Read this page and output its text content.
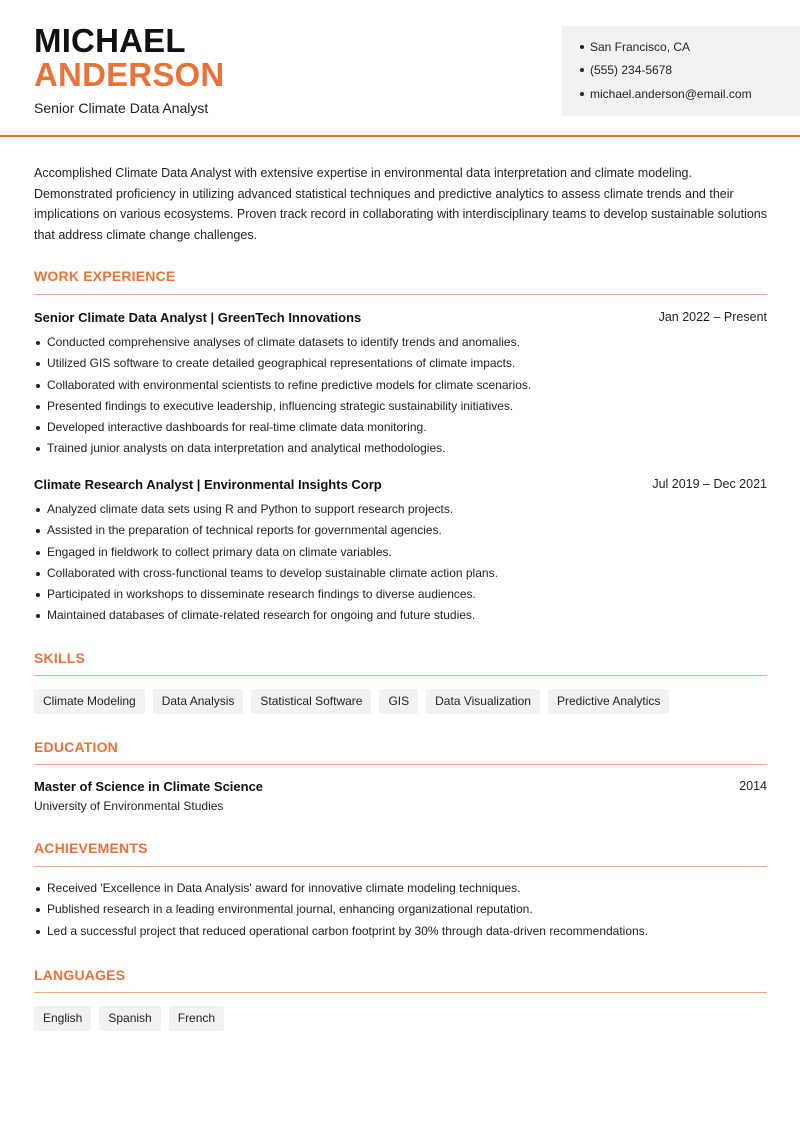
MICHAEL
ANDERSON
Senior Climate Data Analyst
San Francisco, CA
(555) 234-5678
michael.anderson@email.com
Accomplished Climate Data Analyst with extensive expertise in environmental data interpretation and climate modeling. Demonstrated proficiency in utilizing advanced statistical techniques and predictive analytics to assess climate trends and their implications on various ecosystems. Proven track record in collaborating with interdisciplinary teams to develop sustainable solutions that address climate change challenges.
WORK EXPERIENCE
Senior Climate Data Analyst | GreenTech Innovations	Jan 2022 – Present
Conducted comprehensive analyses of climate datasets to identify trends and anomalies.
Utilized GIS software to create detailed geographical representations of climate impacts.
Collaborated with environmental scientists to refine predictive models for climate scenarios.
Presented findings to executive leadership, influencing strategic sustainability initiatives.
Developed interactive dashboards for real-time climate data monitoring.
Trained junior analysts on data interpretation and analytical methodologies.
Climate Research Analyst | Environmental Insights Corp	Jul 2019 – Dec 2021
Analyzed climate data sets using R and Python to support research projects.
Assisted in the preparation of technical reports for governmental agencies.
Engaged in fieldwork to collect primary data on climate variables.
Collaborated with cross-functional teams to develop sustainable climate action plans.
Participated in workshops to disseminate research findings to diverse audiences.
Maintained databases of climate-related research for ongoing and future studies.
SKILLS
Climate Modeling	Data Analysis	Statistical Software	GIS	Data Visualization	Predictive Analytics
EDUCATION
Master of Science in Climate Science	2014
University of Environmental Studies
ACHIEVEMENTS
Received 'Excellence in Data Analysis' award for innovative climate modeling techniques.
Published research in a leading environmental journal, enhancing organizational reputation.
Led a successful project that reduced operational carbon footprint by 30% through data-driven recommendations.
LANGUAGES
English	Spanish	French
